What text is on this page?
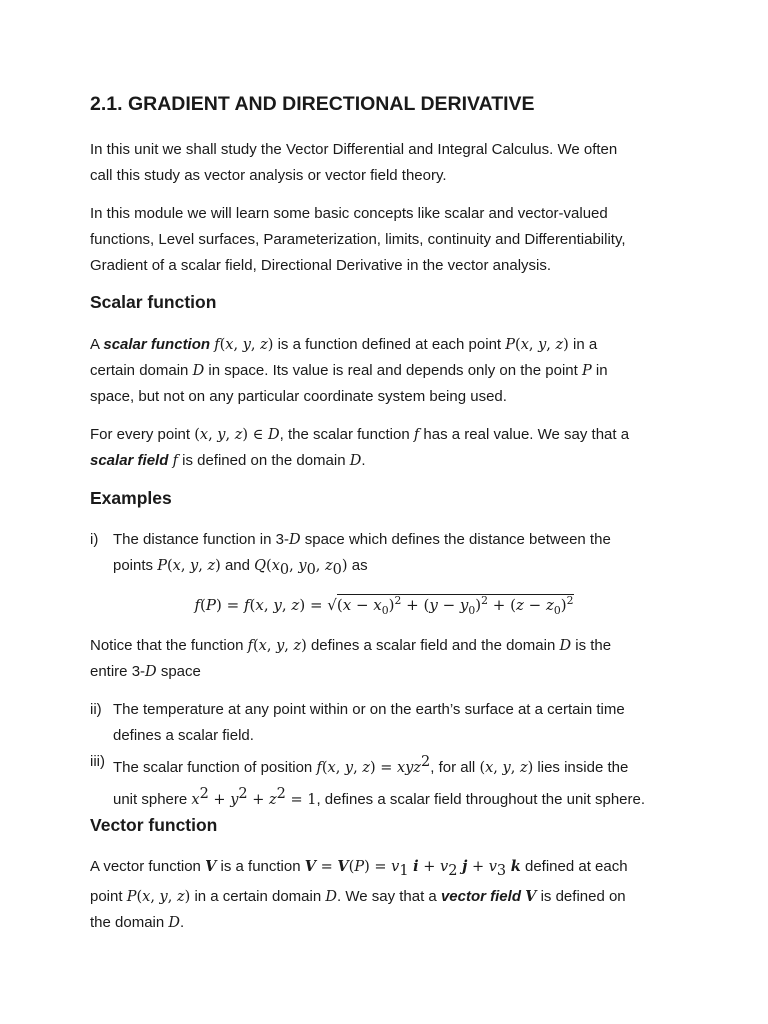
2.1. GRADIENT AND DIRECTIONAL DERIVATIVE
In this unit we shall study the Vector Differential and Integral Calculus. We often
call this study as vector analysis or vector field theory.
In this module we will learn some basic concepts like scalar and vector-valued
functions, Level surfaces, Parameterization, limits, continuity and Differentiability,
Gradient of a scalar field, Directional Derivative in the vector analysis.
Scalar function
A scalar function f(x, y, z) is a function defined at each point P(x, y, z) in a
certain domain D in space. Its value is real and depends only on the point P in
space, but not on any particular coordinate system being used.
For every point (x, y, z) ∈ D, the scalar function f has a real value. We say that a
scalar field f is defined on the domain D.
Examples
i) The distance function in 3-D space which defines the distance between the
points P(x, y, z) and $Q(x_0$, $y_0$, $z_0$) as
f(P) = f(x, y, $z) = √(x - x_0)^2 + (y - y_0)^2 + (z - z_0)^2$
Notice that the function f(x, y, z) defines a scalar field and the domain D is the
entire 3-D space
ii) The temperature at any point within or on the earth’s surface at a certain time
defines a scalar field.
iii) The scalar function of position f(x, y, z) = xyz$^2$, for all (x, y, z) lies inside the
unit sphere $x^2 + y^2 + z^2 = 1$, defines a scalar field throughout the unit sphere.
Vector function
A vector function V is a function $V = V(P) = v_1$ $i + v_2$ $j + v_3$ k defined at each
point P(x, y, z) in a certain domain D. We say that a vector field V is defined on
the domain D.
